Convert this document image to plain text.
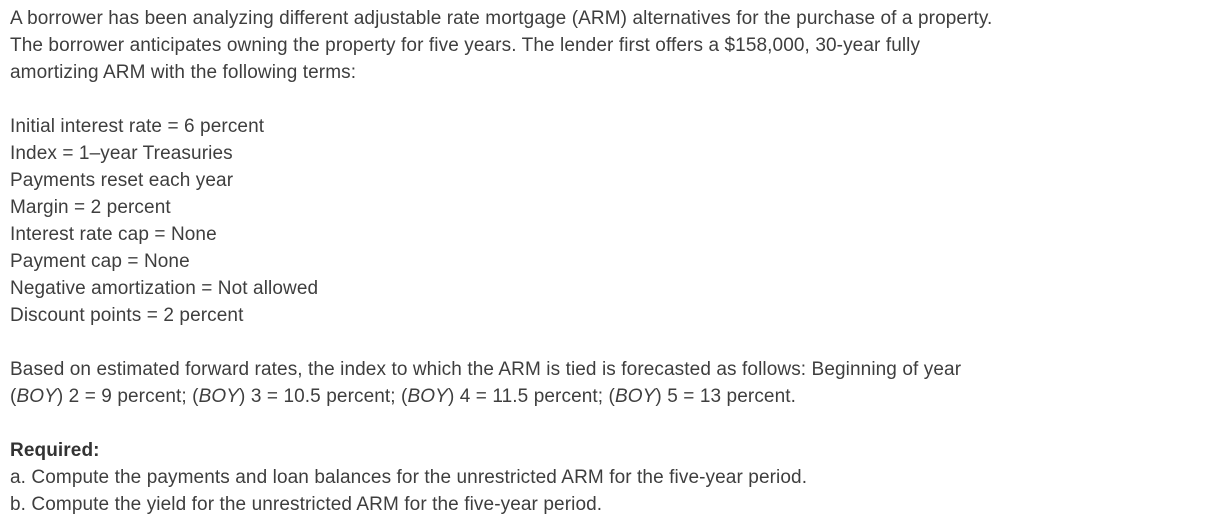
A borrower has been analyzing different adjustable rate mortgage (ARM) alternatives for the purchase of a property.
The borrower anticipates owning the property for five years. The lender first offers a $158,000, 30-year fully
amortizing ARM with the following terms:
Initial interest rate = 6 percent
Index = 1–year Treasuries
Payments reset each year
Margin = 2 percent
Interest rate cap = None
Payment cap = None
Negative amortization = Not allowed
Discount points = 2 percent
Based on estimated forward rates, the index to which the ARM is tied is forecasted as follows: Beginning of year
(BOY) 2 = 9 percent; (BOY) 3 = 10.5 percent; (BOY) 4 = 11.5 percent; (BOY) 5 = 13 percent.
Required:
a. Compute the payments and loan balances for the unrestricted ARM for the five-year period.
b. Compute the yield for the unrestricted ARM for the five-year period.
